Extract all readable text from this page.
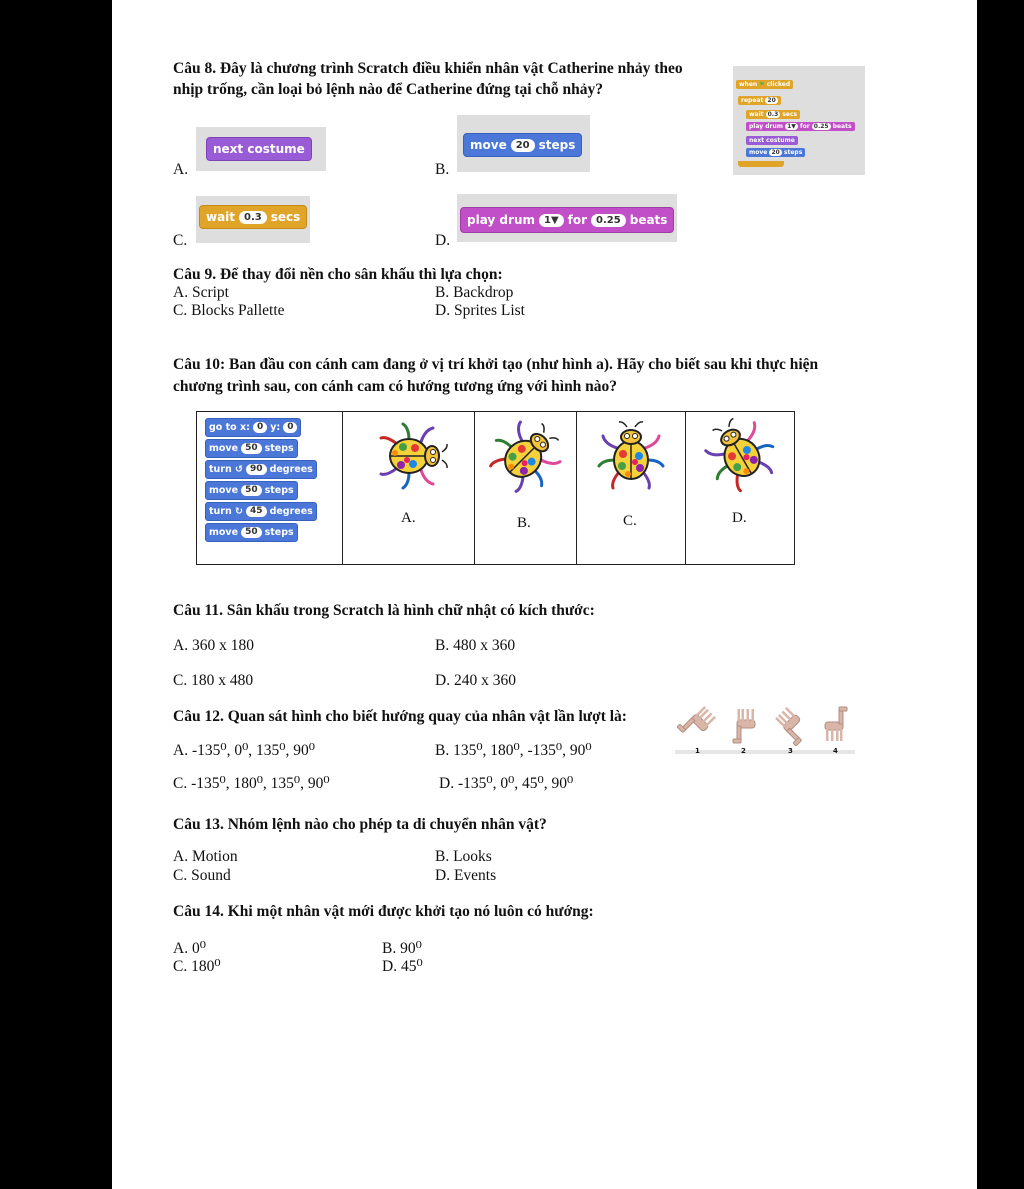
Câu 8. Đây là chương trình Scratch điều khiển nhân vật Catherine nhảy theo
nhịp trống, cần loại bỏ lệnh nào để Catherine đứng tại chỗ nhảy?	when ⚑ clicked
repeat 20
wait 0.3 secs
play drum 1▼ for 0.25 beats
next costume
move 20 steps
A.
next costume
B.
move 20 steps
C.
wait 0.3 secs
D.
play drum 1▼ for 0.25 beats
Câu 9. Để thay đổi nền cho sân khấu thì lựa chọn:
A. Script	B. Backdrop
C. Blocks Pallette	D. Sprites List
Câu 10: Ban đầu con cánh cam đang ở vị trí khởi tạo (như hình a). Hãy cho biết sau khi thực hiện
chương trình sau, con cánh cam có hướng tương ứng với hình nào?
go to x: 0 y: 0
move 50 steps
turn ↺ 90 degrees
move 50 steps
turn ↻ 45 degrees
move 50 steps

A.	B.	C.	D.
Câu 11. Sân khấu trong Scratch là hình chữ nhật có kích thước:
A. 360 x 180	B. 480 x 360
C. 180 x 480	D. 240 x 360
Câu 12. Quan sát hình cho biết hướng quay của nhân vật lần lượt là:
A. -135⁰, 0⁰, 135⁰, 90⁰	B. 135⁰, 180⁰, -135⁰, 90⁰
C. -135⁰, 180⁰, 135⁰, 90⁰	D. -135⁰, 0⁰, 45⁰, 90⁰
1	2	3	4
Câu 13. Nhóm lệnh nào cho phép ta di chuyển nhân vật?
A. Motion	B. Looks
C. Sound	D. Events
Câu 14. Khi một nhân vật mới được khởi tạo nó luôn có hướng:
A. 0⁰	B. 90⁰
C. 180⁰	D. 45⁰
